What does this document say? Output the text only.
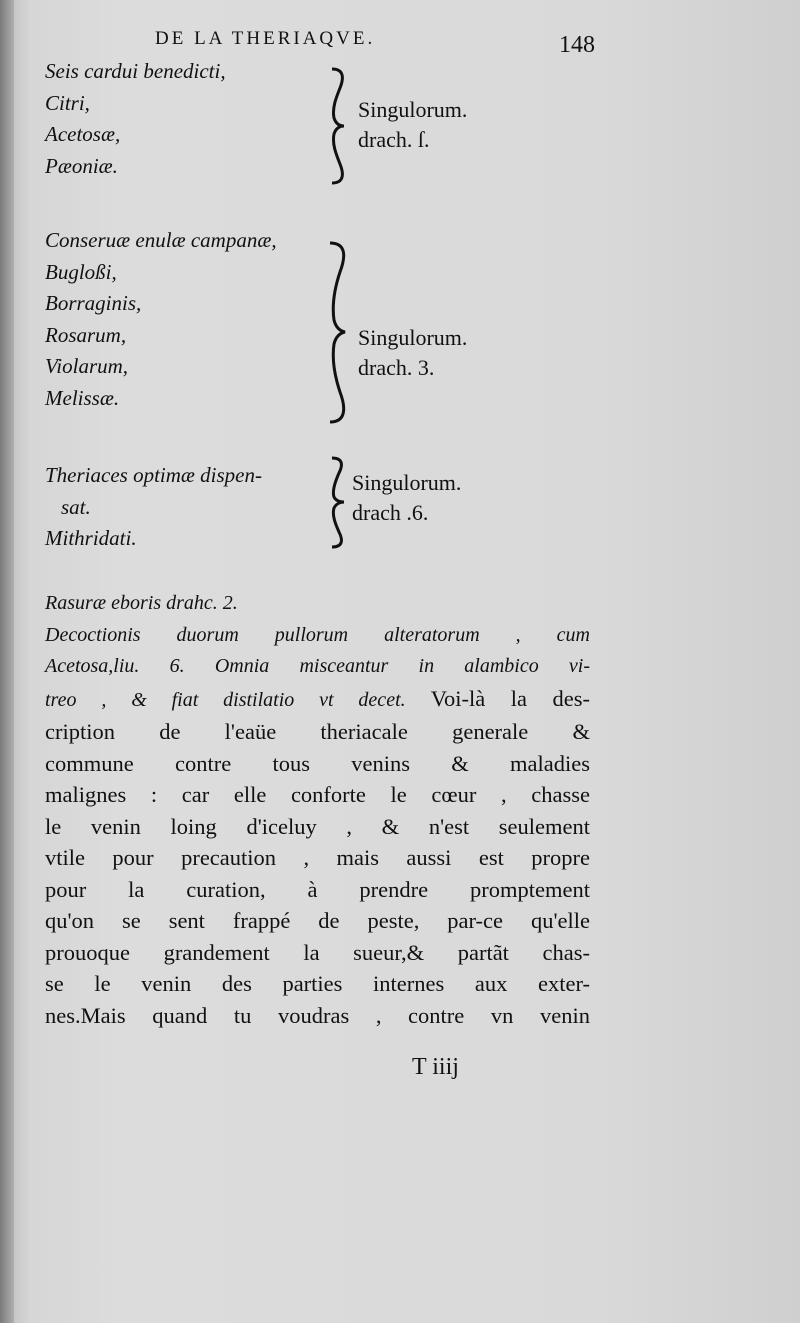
DE LA THERIAQVE.	148
Seis cardui benedicti,
Citri,
Acetosæ,
Pæoniæ.
Singulorum.
drach. ſ.
Conseruæ enulæ campanæ,
Bugloßi,
Borraginis,
Rosarum,
Violarum,
Melissæ.
Singulorum.
drach. 3.
Theriaces optimæ dispen-
sat.
Mithridati.
Singulorum.
drach .6.
Rasuræ eboris drahc. 2.
Decoctionis duorum pullorum alteratorum , cum
Acetosa,liu. 6. Omnia misceantur in alambico vi-
treo , & fiat distilatio vt decet. Voi-là la des-
cription de l'eaüe theriacale generale &
commune contre tous venins & maladies
malignes : car elle conforte le cœur , chasse
le venin loing d'iceluy , & n'est seulement
vtile pour precaution , mais aussi est propre
pour la curation, à prendre promptement
qu'on se sent frappé de peste, par-ce qu'elle
prouoque grandement la sueur,& partãt chas-
se le venin des parties internes aux exter-
nes.Mais quand tu voudras , contre vn venin
T iiij
